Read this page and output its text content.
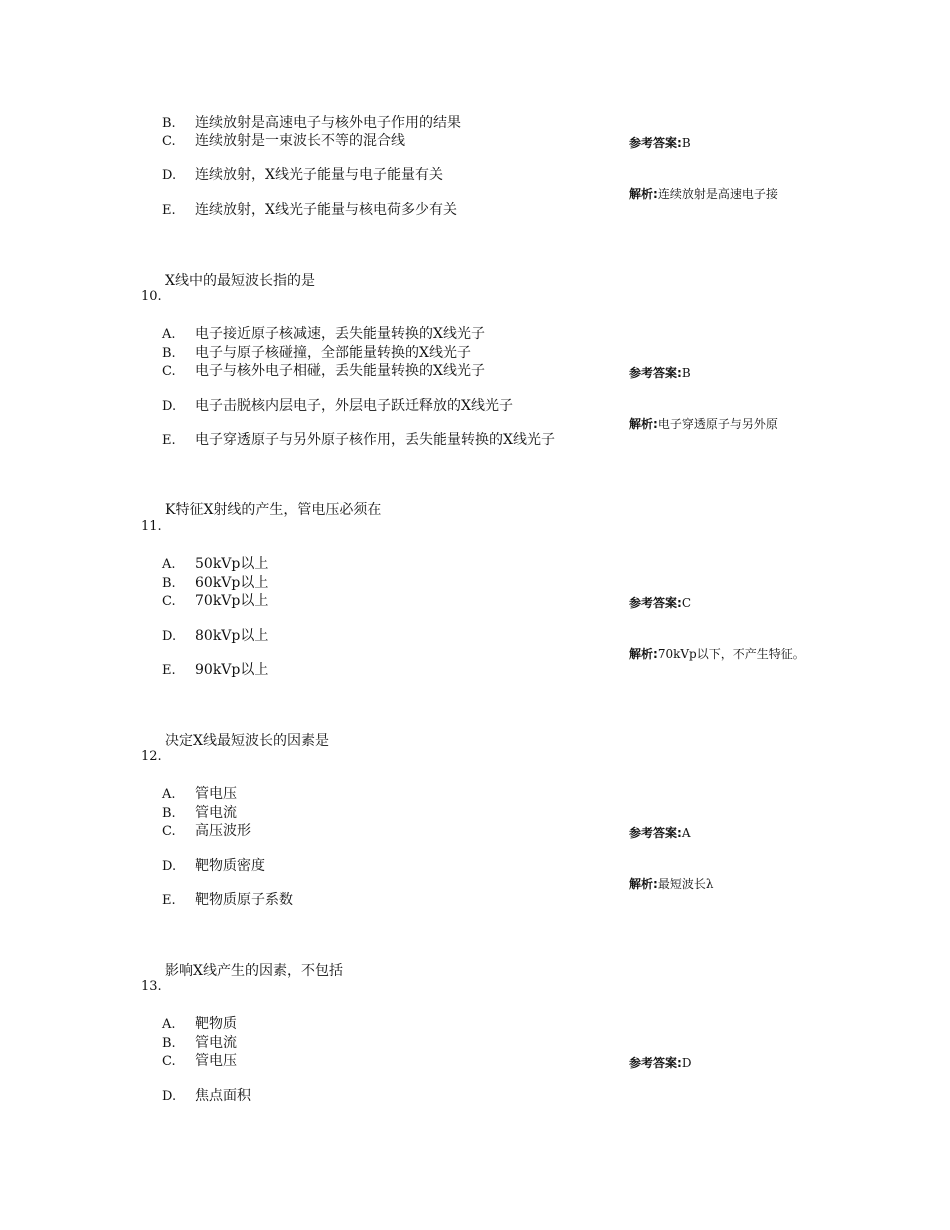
B. 连续放射是高速电子与核外电子作用的结果
C. 连续放射是一束波长不等的混合线
D. 连续放射，X线光子能量与电子能量有关
E. 连续放射，X线光子能量与核电荷多少有关
参考答案:B
解析:连续放射是高速电子接
X线中的最短波长指的是
10.
A. 电子接近原子核减速，丢失能量转换的X线光子
B. 电子与原子核碰撞，全部能量转换的X线光子
C. 电子与核外电子相碰，丢失能量转换的X线光子
D. 电子击脱核内层电子，外层电子跃迁释放的X线光子
E. 电子穿透原子与另外原子核作用，丢失能量转换的X线光子
参考答案:B
解析:电子穿透原子与另外原
K特征X射线的产生，管电压必须在
11.
A. 50kVp以上
B. 60kVp以上
C. 70kVp以上
D. 80kVp以上
E. 90kVp以上
参考答案:C
解析:70kVp以下，不产生特征。
决定X线最短波长的因素是
12.
A. 管电压
B. 管电流
C. 高压波形
D. 靶物质密度
E. 靶物质原子系数
参考答案:A
解析:最短波长λ
影响X线产生的因素，不包括
13.
A. 靶物质
B. 管电流
C. 管电压
D. 焦点面积
参考答案:D
